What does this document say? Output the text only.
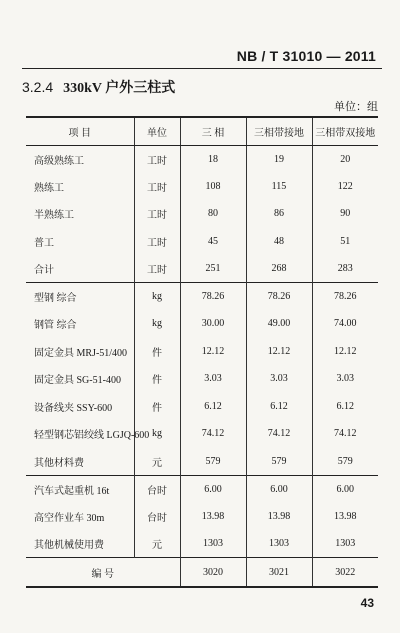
NB / T 31010 — 2011
3.2.4 330kV 户外三柱式
单位：组
项 目	单位	三 相	三相带接地	三相带双接地
高级熟练工	工时	18	19	20
熟练工	工时	108	115	122
半熟练工	工时	80	86	90
普工	工时	45	48	51
合计	工时	251	268	283
型钢 综合	kg	78.26	78.26	78.26
钢管 综合	kg	30.00	49.00	74.00
固定金具 MRJ-51/400	件	12.12	12.12	12.12
固定金具 SG-51-400	件	3.03	3.03	3.03
设备线夹 SSY-600	件	6.12	6.12	6.12
轻型钢芯铝绞线 LGJQ-600	kg	74.12	74.12	74.12
其他材料费	元	579	579	579
汽车式起重机 16t	台时	6.00	6.00	6.00
高空作业车 30m	台时	13.98	13.98	13.98
其他机械使用费	元	1303	1303	1303
编 号		3020	3021	3022
43
